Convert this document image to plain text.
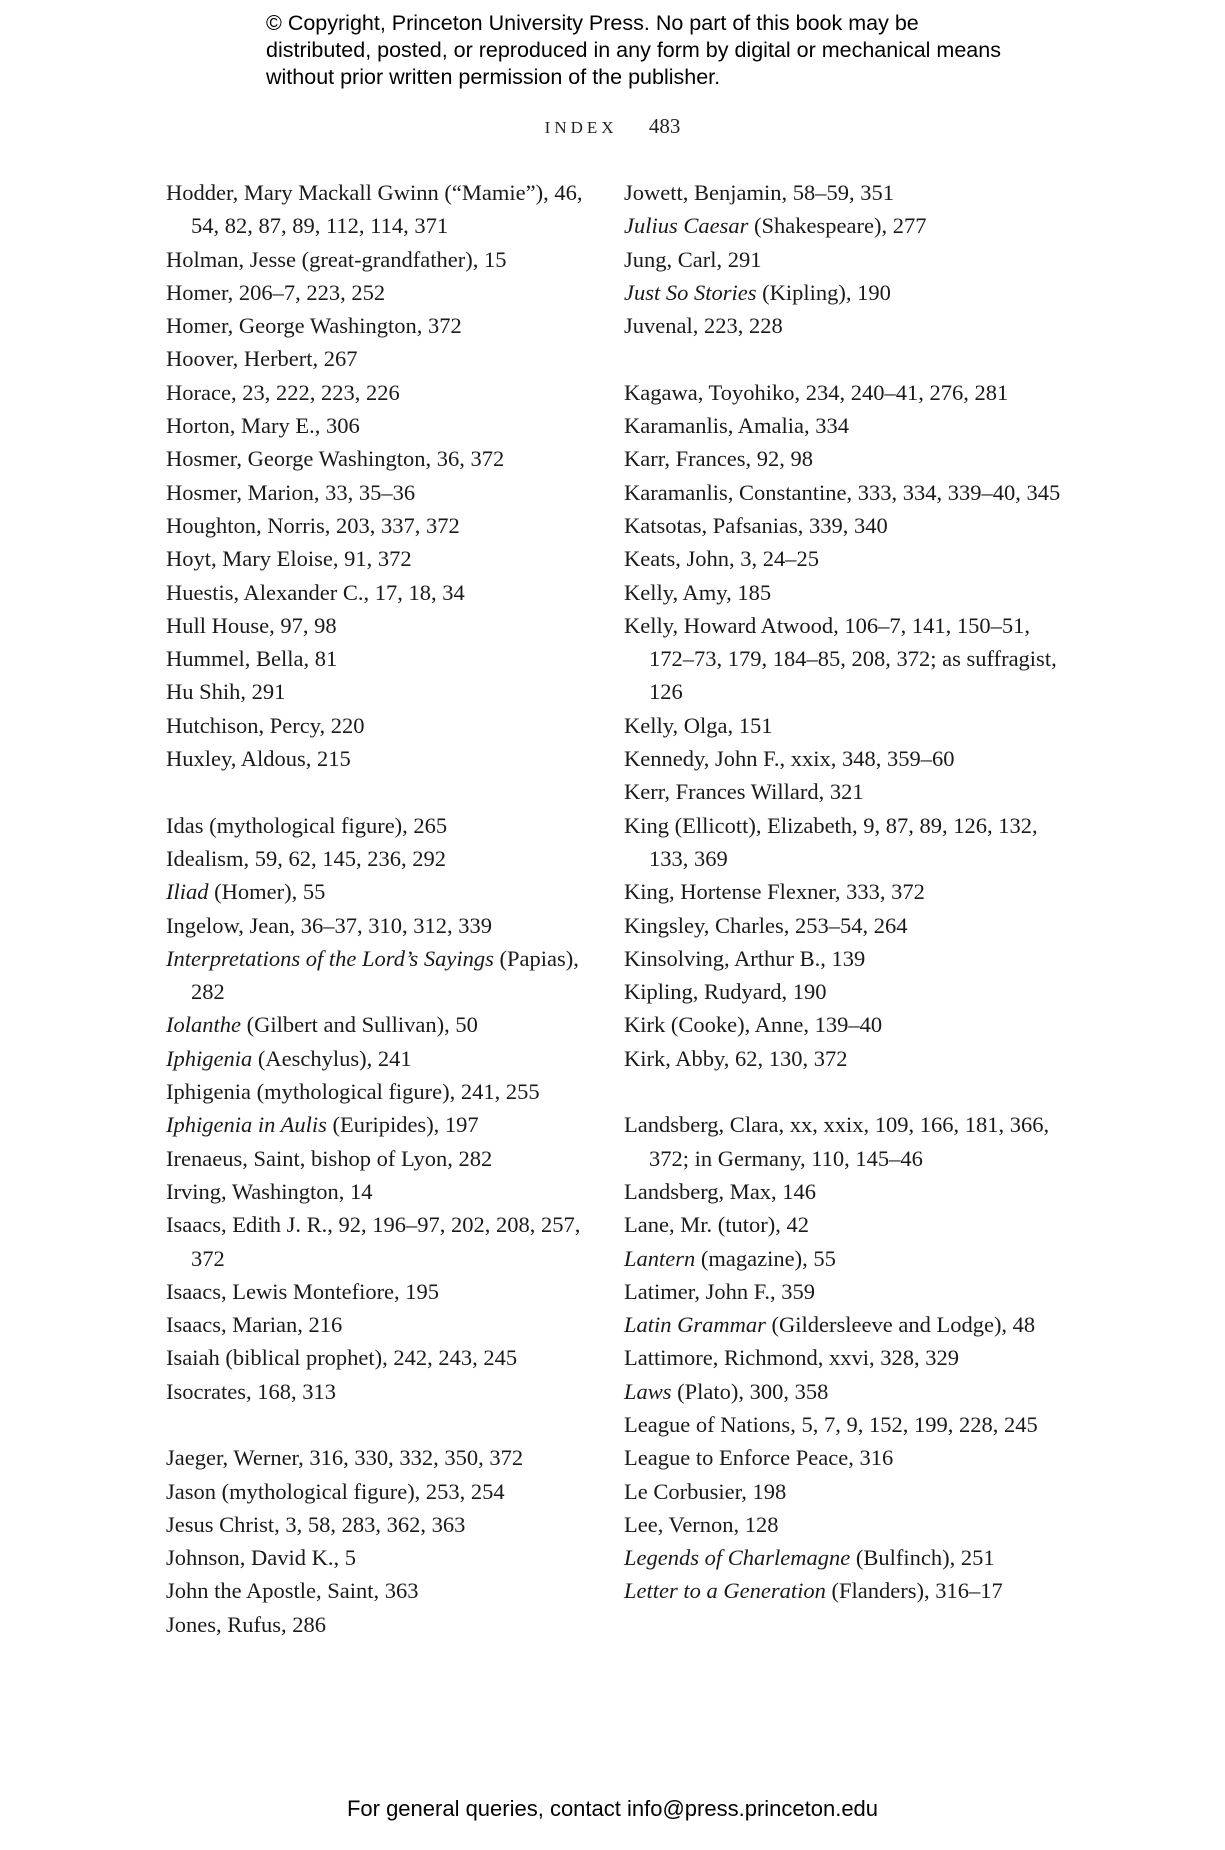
© Copyright, Princeton University Press. No part of this book may be distributed, posted, or reproduced in any form by digital or mechanical means without prior written permission of the publisher.
INDEX 483
Hodder, Mary Mackall Gwinn (“Mamie”), 46, 54, 82, 87, 89, 112, 114, 371
Holman, Jesse (great-grandfather), 15
Homer, 206–7, 223, 252
Homer, George Washington, 372
Hoover, Herbert, 267
Horace, 23, 222, 223, 226
Horton, Mary E., 306
Hosmer, George Washington, 36, 372
Hosmer, Marion, 33, 35–36
Houghton, Norris, 203, 337, 372
Hoyt, Mary Eloise, 91, 372
Huestis, Alexander C., 17, 18, 34
Hull House, 97, 98
Hummel, Bella, 81
Hu Shih, 291
Hutchison, Percy, 220
Huxley, Aldous, 215
Idas (mythological figure), 265
Idealism, 59, 62, 145, 236, 292
Iliad (Homer), 55
Ingelow, Jean, 36–37, 310, 312, 339
Interpretations of the Lord’s Sayings (Papias), 282
Iolanthe (Gilbert and Sullivan), 50
Iphigenia (Aeschylus), 241
Iphigenia (mythological figure), 241, 255
Iphigenia in Aulis (Euripides), 197
Irenaeus, Saint, bishop of Lyon, 282
Irving, Washington, 14
Isaacs, Edith J. R., 92, 196–97, 202, 208, 257, 372
Isaacs, Lewis Montefiore, 195
Isaacs, Marian, 216
Isaiah (biblical prophet), 242, 243, 245
Isocrates, 168, 313
Jaeger, Werner, 316, 330, 332, 350, 372
Jason (mythological figure), 253, 254
Jesus Christ, 3, 58, 283, 362, 363
Johnson, David K., 5
John the Apostle, Saint, 363
Jones, Rufus, 286
Jowett, Benjamin, 58–59, 351
Julius Caesar (Shakespeare), 277
Jung, Carl, 291
Just So Stories (Kipling), 190
Juvenal, 223, 228
Kagawa, Toyohiko, 234, 240–41, 276, 281
Karamanlis, Amalia, 334
Karr, Frances, 92, 98
Karamanlis, Constantine, 333, 334, 339–40, 345
Katsotas, Pafsanias, 339, 340
Keats, John, 3, 24–25
Kelly, Amy, 185
Kelly, Howard Atwood, 106–7, 141, 150–51, 172–73, 179, 184–85, 208, 372; as suffragist, 126
Kelly, Olga, 151
Kennedy, John F., xxix, 348, 359–60
Kerr, Frances Willard, 321
King (Ellicott), Elizabeth, 9, 87, 89, 126, 132, 133, 369
King, Hortense Flexner, 333, 372
Kingsley, Charles, 253–54, 264
Kinsolving, Arthur B., 139
Kipling, Rudyard, 190
Kirk (Cooke), Anne, 139–40
Kirk, Abby, 62, 130, 372
Landsberg, Clara, xx, xxix, 109, 166, 181, 366, 372; in Germany, 110, 145–46
Landsberg, Max, 146
Lane, Mr. (tutor), 42
Lantern (magazine), 55
Latimer, John F., 359
Latin Grammar (Gildersleeve and Lodge), 48
Lattimore, Richmond, xxvi, 328, 329
Laws (Plato), 300, 358
League of Nations, 5, 7, 9, 152, 199, 228, 245
League to Enforce Peace, 316
Le Corbusier, 198
Lee, Vernon, 128
Legends of Charlemagne (Bulfinch), 251
Letter to a Generation (Flanders), 316–17
For general queries, contact info@press.princeton.edu
